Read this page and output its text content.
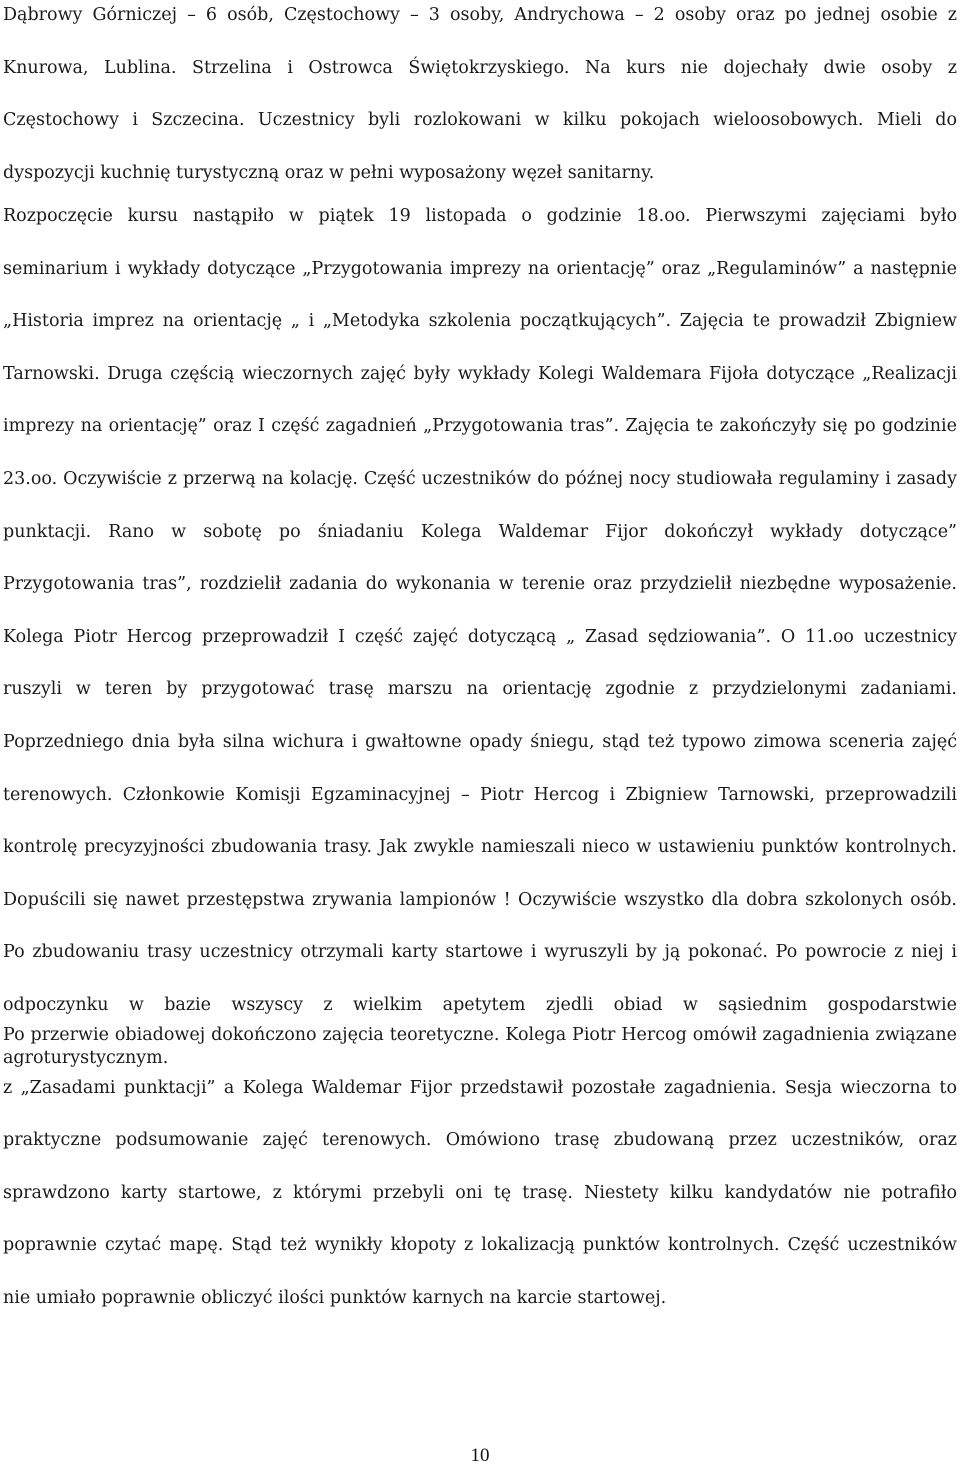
Dąbrowy Górniczej – 6 osób, Częstochowy – 3 osoby, Andrychowa – 2 osoby oraz po jednej osobie z Knurowa, Lublina. Strzelina i Ostrowca Świętokrzyskiego. Na kurs nie dojechały dwie osoby z Częstochowy i Szczecina. Uczestnicy byli rozlokowani w kilku pokojach wieloosobowych. Mieli do dyspozycji kuchnię turystyczną oraz w pełni wyposażony węzeł sanitarny.

Rozpoczęcie kursu nastąpiło w piątek 19 listopada o godzinie 18.oo. Pierwszymi zajęciami było seminarium i wykłady dotyczące „Przygotowania imprezy na orientację” oraz „Regulaminów” a następnie „Historia imprez na orientację „ i „Metodyka szkolenia początkujących”. Zajęcia te prowadził Zbigniew Tarnowski. Druga częścią wieczornych zajęć były wykłady Kolegi Waldemara Fijoła dotyczące „Realizacji imprezy na orientację” oraz I część zagadnień „Przygotowania tras”. Zajęcia te zakończyły się po godzinie 23.oo. Oczywiście z przerwą na kolację. Część uczestników do późnej nocy studiowała regulaminy i zasady punktacji. Rano w sobotę po śniadaniu Kolega Waldemar Fijor dokończył wykłady dotyczące” Przygotowania tras”, rozdzielił zadania do wykonania w terenie oraz przydzielił niezbędne wyposażenie. Kolega Piotr Hercog przeprowadził I część zajęć dotyczącą „ Zasad sędziowania”. O 11.oo uczestnicy ruszyli w teren by przygotować trasę marszu na orientację zgodnie z przydzielonymi zadaniami. Poprzedniego dnia była silna wichura i gwałtowne opady śniegu, stąd też typowo zimowa sceneria zajęć terenowych. Członkowie Komisji Egzaminacyjnej – Piotr Hercog i Zbigniew Tarnowski, przeprowadzili kontrolę precyzyjności zbudowania trasy. Jak zwykle namieszali nieco w ustawieniu punktów kontrolnych. Dopuścili się nawet przestępstwa zrywania lampionów ! Oczywiście wszystko dla dobra szkolonych osób. Po zbudowaniu trasy uczestnicy otrzymali karty startowe i wyruszyli by ją pokonać. Po powrocie z niej i odpoczynku w bazie wszyscy z wielkim apetytem zjedli obiad w sąsiednim gospodarstwie agroturystycznym.

Po przerwie obiadowej dokończono zajęcia teoretyczne. Kolega Piotr Hercog omówił zagadnienia związane z „Zasadami punktacji” a Kolega Waldemar Fijor przedstawił pozostałe zagadnienia. Sesja wieczorna to praktyczne podsumowanie zajęć terenowych. Omówiono trasę zbudowaną przez uczestników, oraz sprawdzono karty startowe, z którymi przebyli oni tę trasę. Niestety kilku kandydatów nie potrafiło poprawnie czytać mapę. Stąd też wynikły kłopoty z lokalizacją punktów kontrolnych. Część uczestników nie umiało poprawnie obliczyć ilości punktów karnych na karcie startowej.

10
